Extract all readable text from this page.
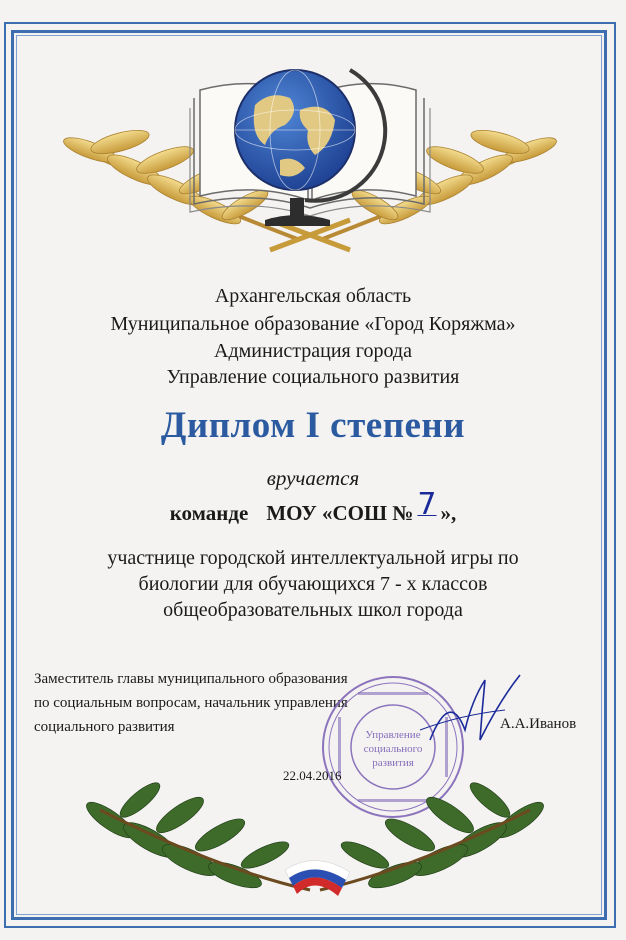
Архангельская область
Муниципальное образование «Город Коряжма»
Администрация города
Управление социального развития
Диплом I степени
вручается
команде МОУ «СОШ № 7 »,
участнице городской интеллектуальной игры по
биологии для обучающихся 7 - х классов
общеобразовательных школ города
Заместитель главы муниципального образования
по социальным вопросам, начальник управления
социального развития	А.А.Иванов
Управление
социального
развития
22.04.2016
